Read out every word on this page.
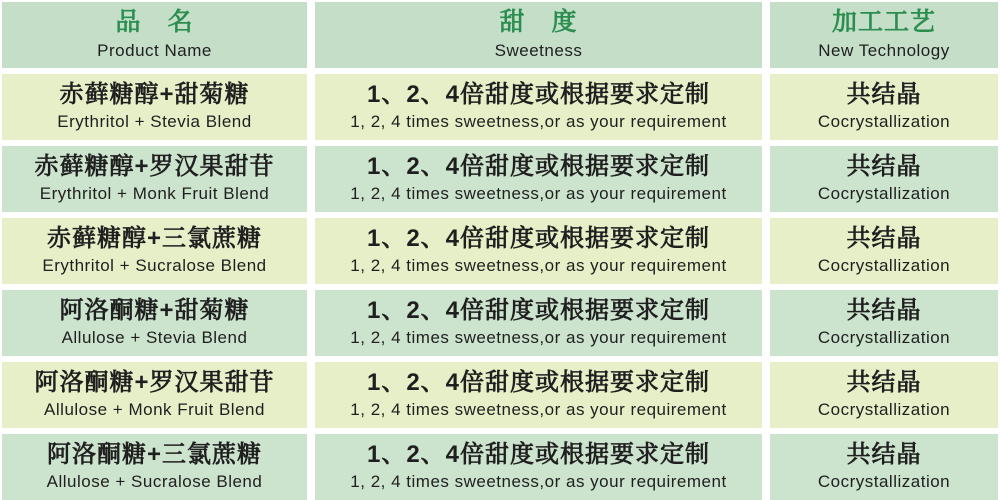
品　名
Product Name
甜　度
Sweetness
加工工艺
New Technology
赤藓糖醇+甜菊糖
Erythritol + Stevia Blend
1、2、4倍甜度或根据要求定制
1, 2, 4 times sweetness,or as your requirement
共结晶
Cocrystallization
赤藓糖醇+罗汉果甜苷
Erythritol + Monk Fruit Blend
1、2、4倍甜度或根据要求定制
1, 2, 4 times sweetness,or as your requirement
共结晶
Cocrystallization
赤藓糖醇+三氯蔗糖
Erythritol + Sucralose Blend
1、2、4倍甜度或根据要求定制
1, 2, 4 times sweetness,or as your requirement
共结晶
Cocrystallization
阿洛酮糖+甜菊糖
Allulose + Stevia Blend
1、2、4倍甜度或根据要求定制
1, 2, 4 times sweetness,or as your requirement
共结晶
Cocrystallization
阿洛酮糖+罗汉果甜苷
Allulose + Monk Fruit Blend
1、2、4倍甜度或根据要求定制
1, 2, 4 times sweetness,or as your requirement
共结晶
Cocrystallization
阿洛酮糖+三氯蔗糖
Allulose + Sucralose Blend
1、2、4倍甜度或根据要求定制
1, 2, 4 times sweetness,or as your requirement
共结晶
Cocrystallization
